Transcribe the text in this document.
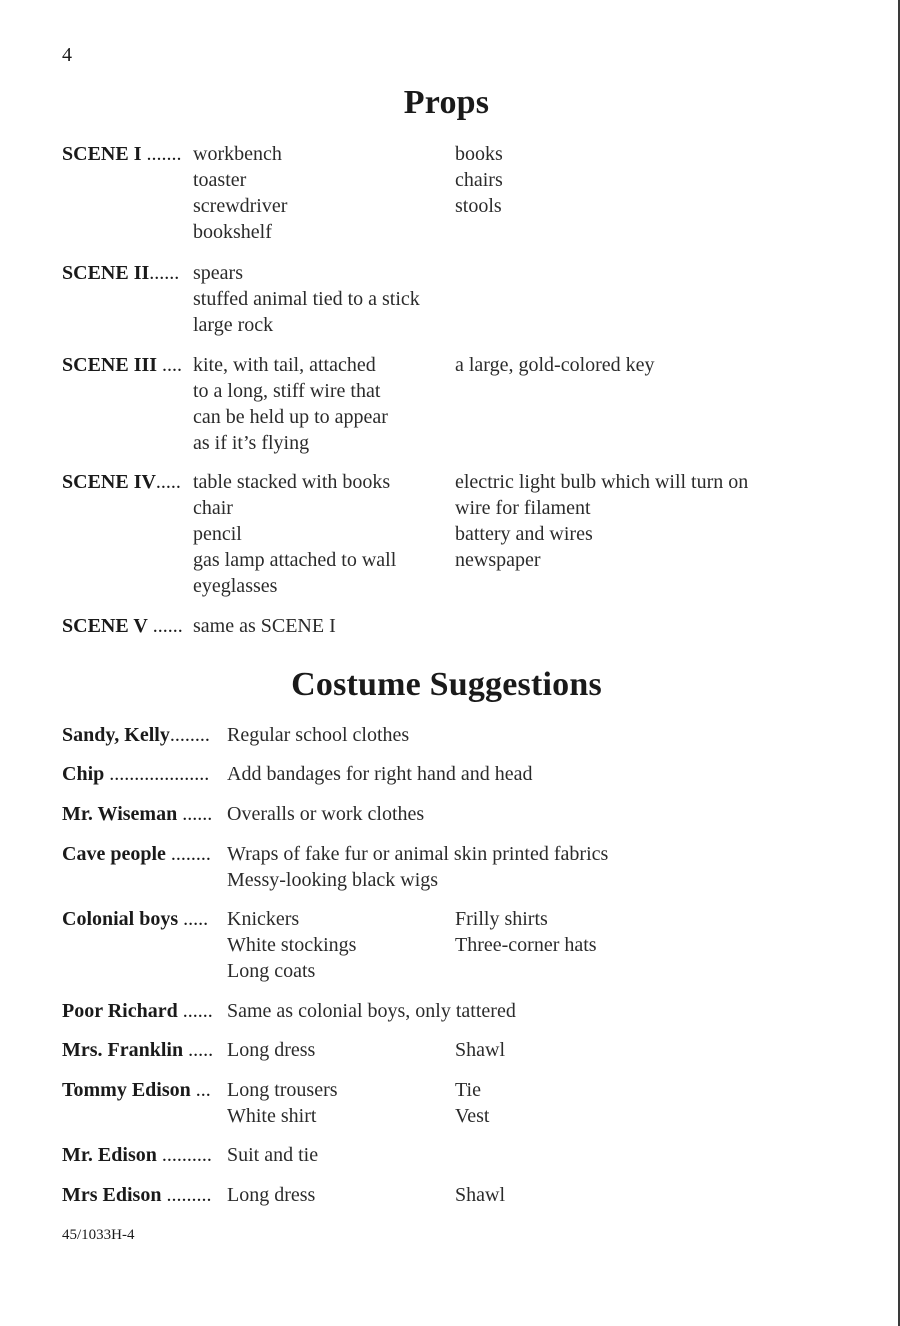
4
Props
SCENE I ....... workbench
toaster
screwdriver
bookshelf
books
chairs
stools
SCENE II...... spears
stuffed animal tied to a stick
large rock
SCENE III .... kite, with tail, attached
to a long, stiff wire that
can be held up to appear
as if it’s flying
a large, gold-colored key
SCENE IV..... table stacked with books
chair
pencil
gas lamp attached to wall
eyeglasses
electric light bulb which will turn on
wire for filament
battery and wires
newspaper
SCENE V ...... same as SCENE I
Costume Suggestions
Sandy, Kelly........ Regular school clothes
Chip .................... Add bandages for right hand and head
Mr. Wiseman ...... Overalls or work clothes
Cave people ........ Wraps of fake fur or animal skin printed fabrics
Messy-looking black wigs
Colonial boys ..... Knickers
White stockings
Long coats
Frilly shirts
Three-corner hats
Poor Richard ...... Same as colonial boys, only tattered
Mrs. Franklin ..... Long dress	Shawl
Tommy Edison ... Long trousers
White shirt
Tie
Vest
Mr. Edison .......... Suit and tie
Mrs Edison ......... Long dress	Shawl
45/1033H-4
